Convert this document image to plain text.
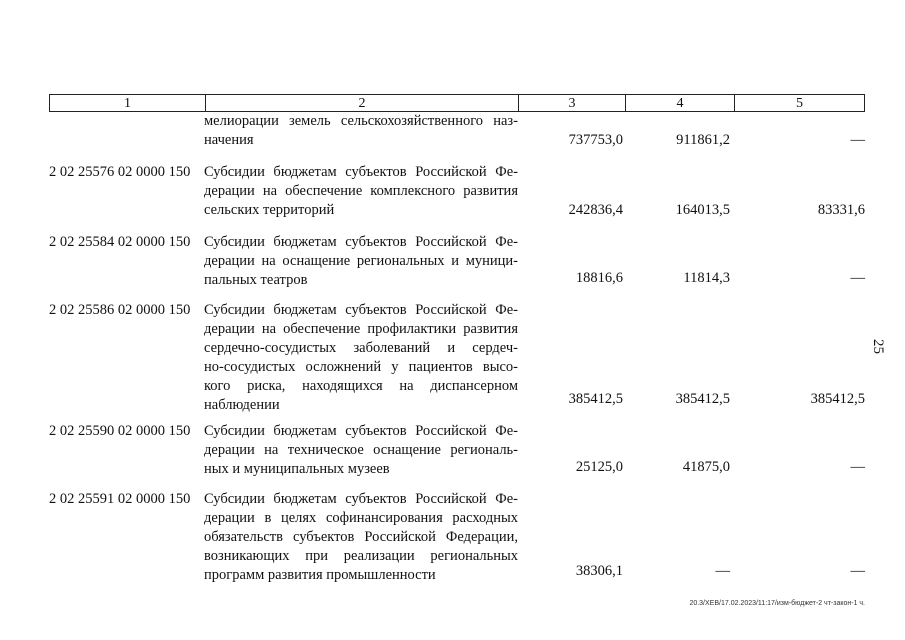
1	2	3	4	5
мелиорации земель сельскохозяйственного наз-
начения	737753,0	911861,2	—
2 02 25576 02 0000 150 Субсидии бюджетам субъектов Российской Фе-
дерации на обеспечение комплексного развития
сельских территорий	242836,4	164013,5	83331,6
2 02 25584 02 0000 150 Субсидии бюджетам субъектов Российской Фе-
дерации на оснащение региональных и муници-
пальных театров	18816,6	11814,3	—
2 02 25586 02 0000 150 Субсидии бюджетам субъектов Российской Фе-
дерации на обеспечение профилактики развития
сердечно-сосудистых заболеваний и сердеч-
но-сосудистых осложнений у пациентов высо-
кого риска, находящихся на диспансерном
наблюдении	385412,5	385412,5	385412,5
2 02 25590 02 0000 150 Субсидии бюджетам субъектов Российской Фе-
дерации на техническое оснащение региональ-
ных и муниципальных музеев	25125,0	41875,0	—
2 02 25591 02 0000 150 Субсидии бюджетам субъектов Российской Фе-
дерации в целях софинансирования расходных
обязательств субъектов Российской Федерации,
возникающих при реализации региональных
программ развития промышленности	38306,1	—	—
25
20.3/ХЕВ/17.02.2023/11:17/изм-бюджет-2 чт-закон-1 ч.
